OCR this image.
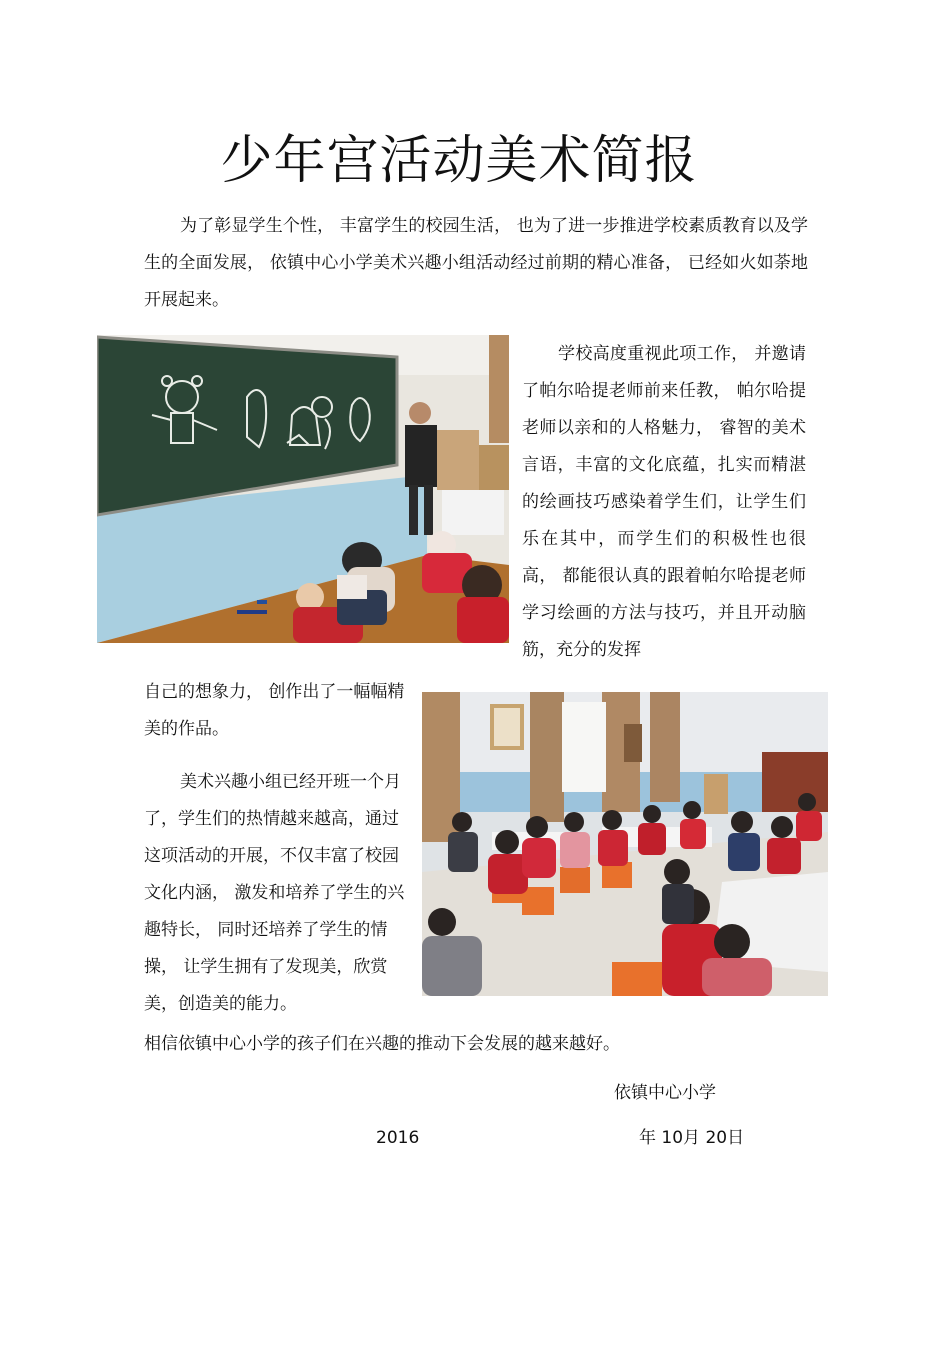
少年宫活动美术简报

为了彰显学生个性， 丰富学生的校园生活， 也为了进一步推进学校素质教育以及学生的全面发展， 依镇中心小学美术兴趣小组活动经过前期的精心准备， 已经如火如荼地开展起来。

学校高度重视此项工作， 并邀请了帕尔哈提老师前来任教， 帕尔哈提老师以亲和的人格魅力， 睿智的美术言语，丰富的文化底蕴，扎实而精湛的绘画技巧感染着学生们，让学生们乐在其中，而学生们的积极性也很高， 都能很认真的跟着帕尔哈提老师学习绘画的方法与技巧，并且开动脑筋，充分的发挥

自己的想象力， 创作出了一幅幅精美的作品。

美术兴趣小组已经开班一个月了，学生们的热情越来越高，通过这项活动的开展，不仅丰富了校园文化内涵， 激发和培养了学生的兴趣特长， 同时还培养了学生的情操， 让学生拥有了发现美，欣赏美，创造美的能力。

相信依镇中心小学的孩子们在兴趣的推动下会发展的越来越好。

依镇中心小学
2016	年 10月 20日
